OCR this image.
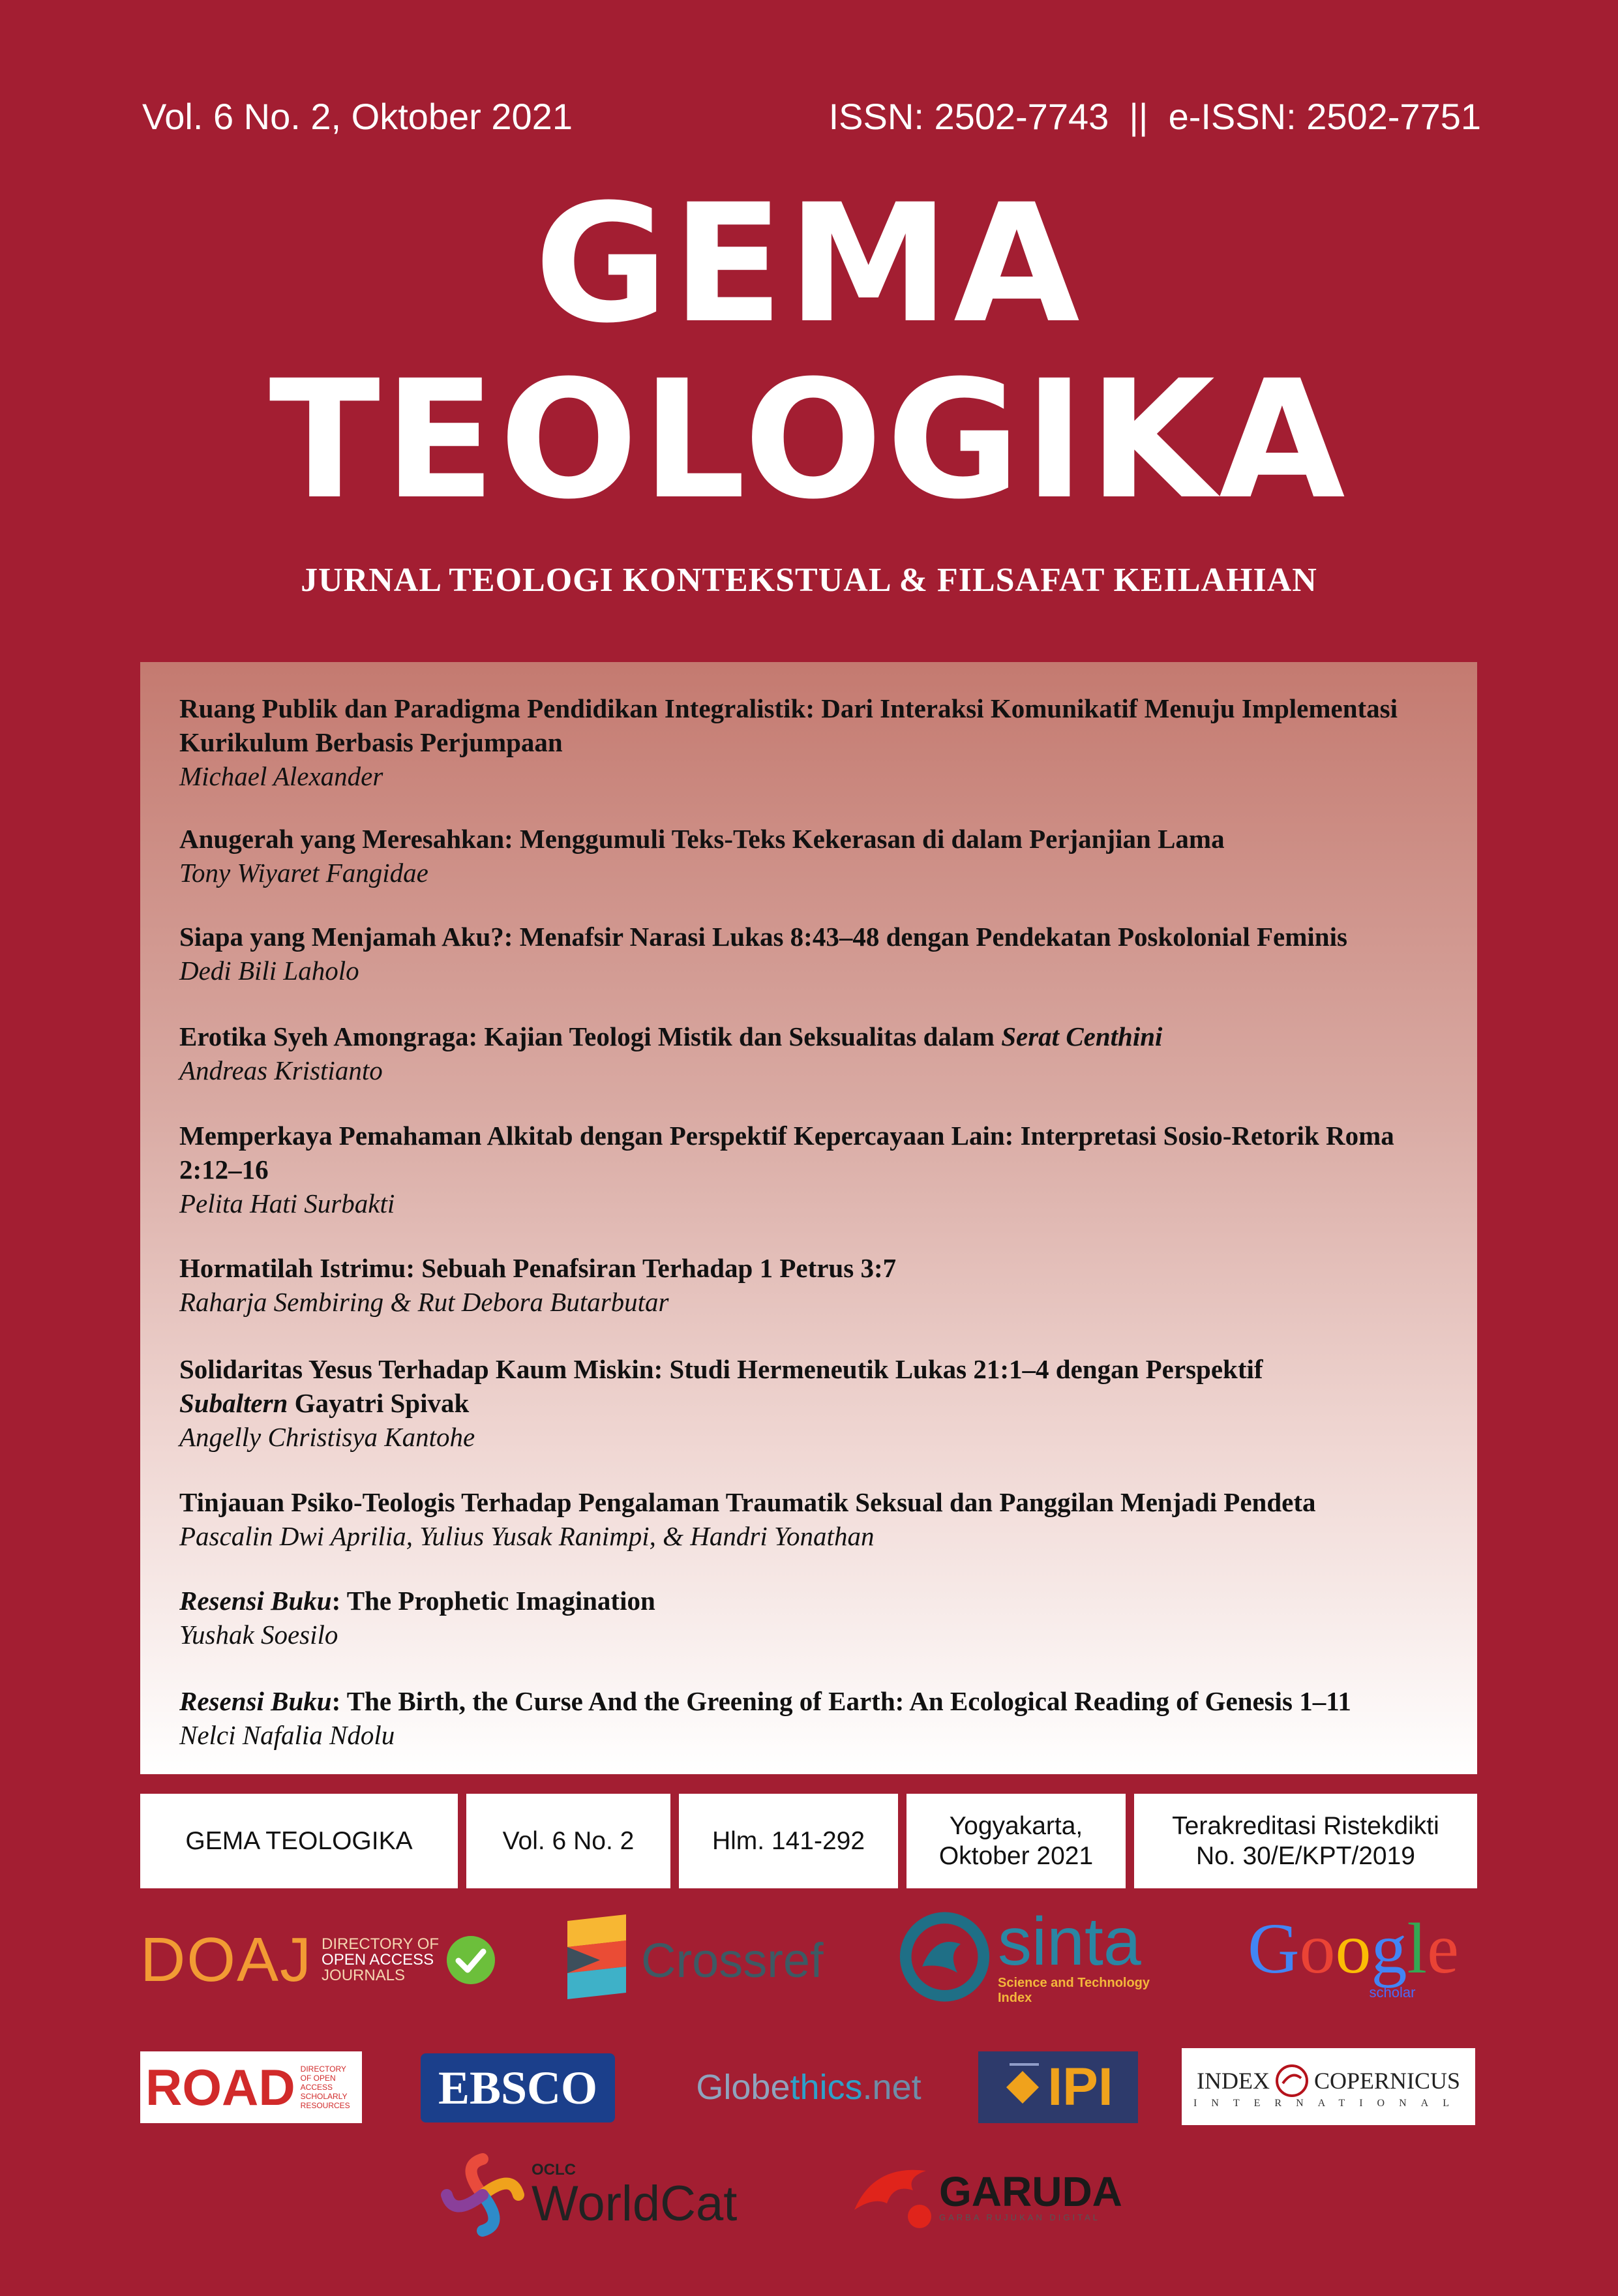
Vol. 6 No. 2, Oktober 2021	ISSN: 2502-7743  ||  e-ISSN: 2502-7751
GEMA
TEOLOGIKA
JURNAL TEOLOGI KONTEKSTUAL & FILSAFAT KEILAHIAN
Ruang Publik dan Paradigma Pendidikan Integralistik: Dari Interaksi Komunikatif Menuju Implementasi Kurikulum Berbasis Perjumpaan
Michael Alexander
Anugerah yang Meresahkan: Menggumuli Teks-Teks Kekerasan di dalam Perjanjian Lama
Tony Wiyaret Fangidae
Siapa yang Menjamah Aku?: Menafsir Narasi Lukas 8:43–48 dengan Pendekatan Poskolonial Feminis
Dedi Bili Laholo
Erotika Syeh Amongraga: Kajian Teologi Mistik dan Seksualitas dalam Serat Centhini
Andreas Kristianto
Memperkaya Pemahaman Alkitab dengan Perspektif Kepercayaan Lain: Interpretasi Sosio-Retorik Roma 2:12–16
Pelita Hati Surbakti
Hormatilah Istrimu: Sebuah Penafsiran Terhadap 1 Petrus 3:7
Raharja Sembiring & Rut Debora Butarbutar
Solidaritas Yesus Terhadap Kaum Miskin: Studi Hermeneutik Lukas 21:1–4 dengan Perspektif
Subaltern Gayatri Spivak
Angelly Christisya Kantohe
Tinjauan Psiko-Teologis Terhadap Pengalaman Traumatik Seksual dan Panggilan Menjadi Pendeta
Pascalin Dwi Aprilia, Yulius Yusak Ranimpi, & Handri Yonathan
Resensi Buku: The Prophetic Imagination
Yushak Soesilo
Resensi Buku: The Birth, the Curse And the Greening of Earth: An Ecological Reading of Genesis 1–11
Nelci Nafalia Ndolu
GEMA TEOLOGIKA	Vol. 6 No. 2	Hlm. 141-292
Yogyakarta,
Oktober 2021
Terakreditasi Ristekdikti
No. 30/E/KPT/2019
DOAJ DIRECTORY OF
OPEN ACCESS
JOURNALS	Crossref	sinta
Science and Technology Index
Google
scholar
ROAD DIRECTORY
OF OPEN ACCESS
SCHOLARLY
RESOURCES EBSCO	Globethics.net IPI	INDEX COPERNICUS
INTERNATIONAL
OCLC
WorldCat	GARUDA
GARBA RUJUKAN DIGITAL
